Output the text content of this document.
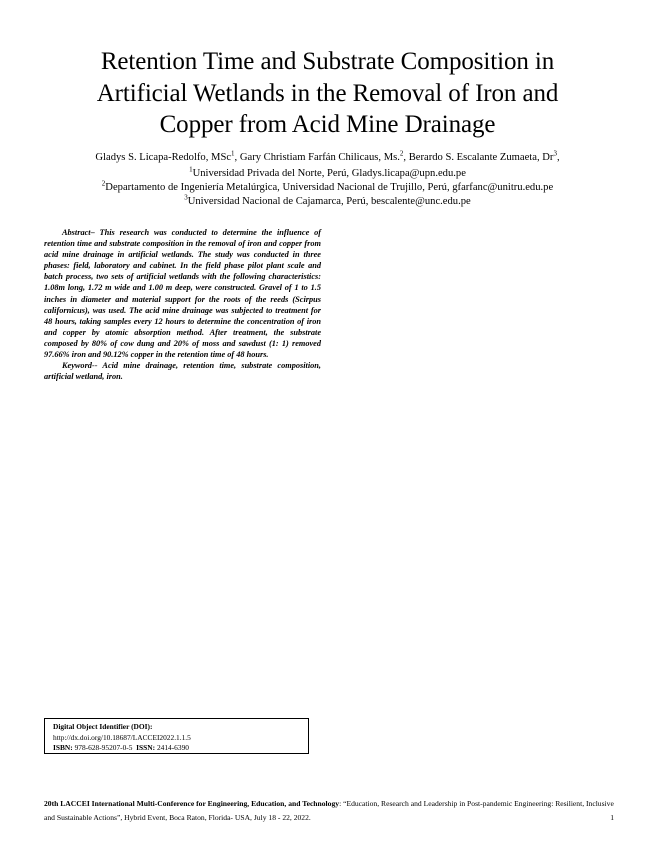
Retention Time and Substrate Composition in Artificial Wetlands in the Removal of Iron and Copper from Acid Mine Drainage
Gladys S. Licapa-Redolfo, MSc$^1$, Gary Christiam Farfán Chilicaus, Ms.$^2$, Berardo S. Escalante Zumaeta, Dr$^3$,
$^1$Universidad Privada del Norte, Perú, Gladys.licapa@upn.edu.pe
$^2$Departamento de Ingeniería Metalúrgica, Universidad Nacional de Trujillo, Perú, gfarfanc@unitru.edu.pe
$^3$Universidad Nacional de Cajamarca, Perú, bescalente@unc.edu.pe

Abstract– This research was conducted to determine the influence of retention time and substrate composition in the removal of iron and copper from acid mine drainage in artificial wetlands. The study was conducted in three phases: field, laboratory and cabinet. In the field phase pilot plant scale and batch process, two sets of artificial wetlands with the following characteristics: 1.08m long, 1.72 m wide and 1.00 m deep, were constructed. Gravel of 1 to 1.5 inches in diameter and material support for the roots of the reeds (Scirpus californicus), was used. The acid mine drainage was subjected to treatment for 48 hours, taking samples every 12 hours to determine the concentration of iron and copper by atomic absorption method. After treatment, the substrate composed by 80% of cow dung and 20% of moss and sawdust (1: 1) removed 97.66% iron and 90.12% copper in the retention time of 48 hours.

Keyword-- Acid mine drainage, retention time, substrate composition, artificial wetland, iron.

Digital Object Identifier (DOI):
http://dx.doi.org/10.18687/LACCEI2022.1.1.5
ISBN: 978-628-95207-0-5 ISSN: 2414-6390
20th LACCEI International Multi-Conference for Engineering, Education, and Technology: “Education, Research and Leadership in Post-pandemic Engineering: Resilient, Inclusive and Sustainable Actions”, Hybrid Event, Boca Raton, Florida- USA, July 18 - 22, 2022.	1
